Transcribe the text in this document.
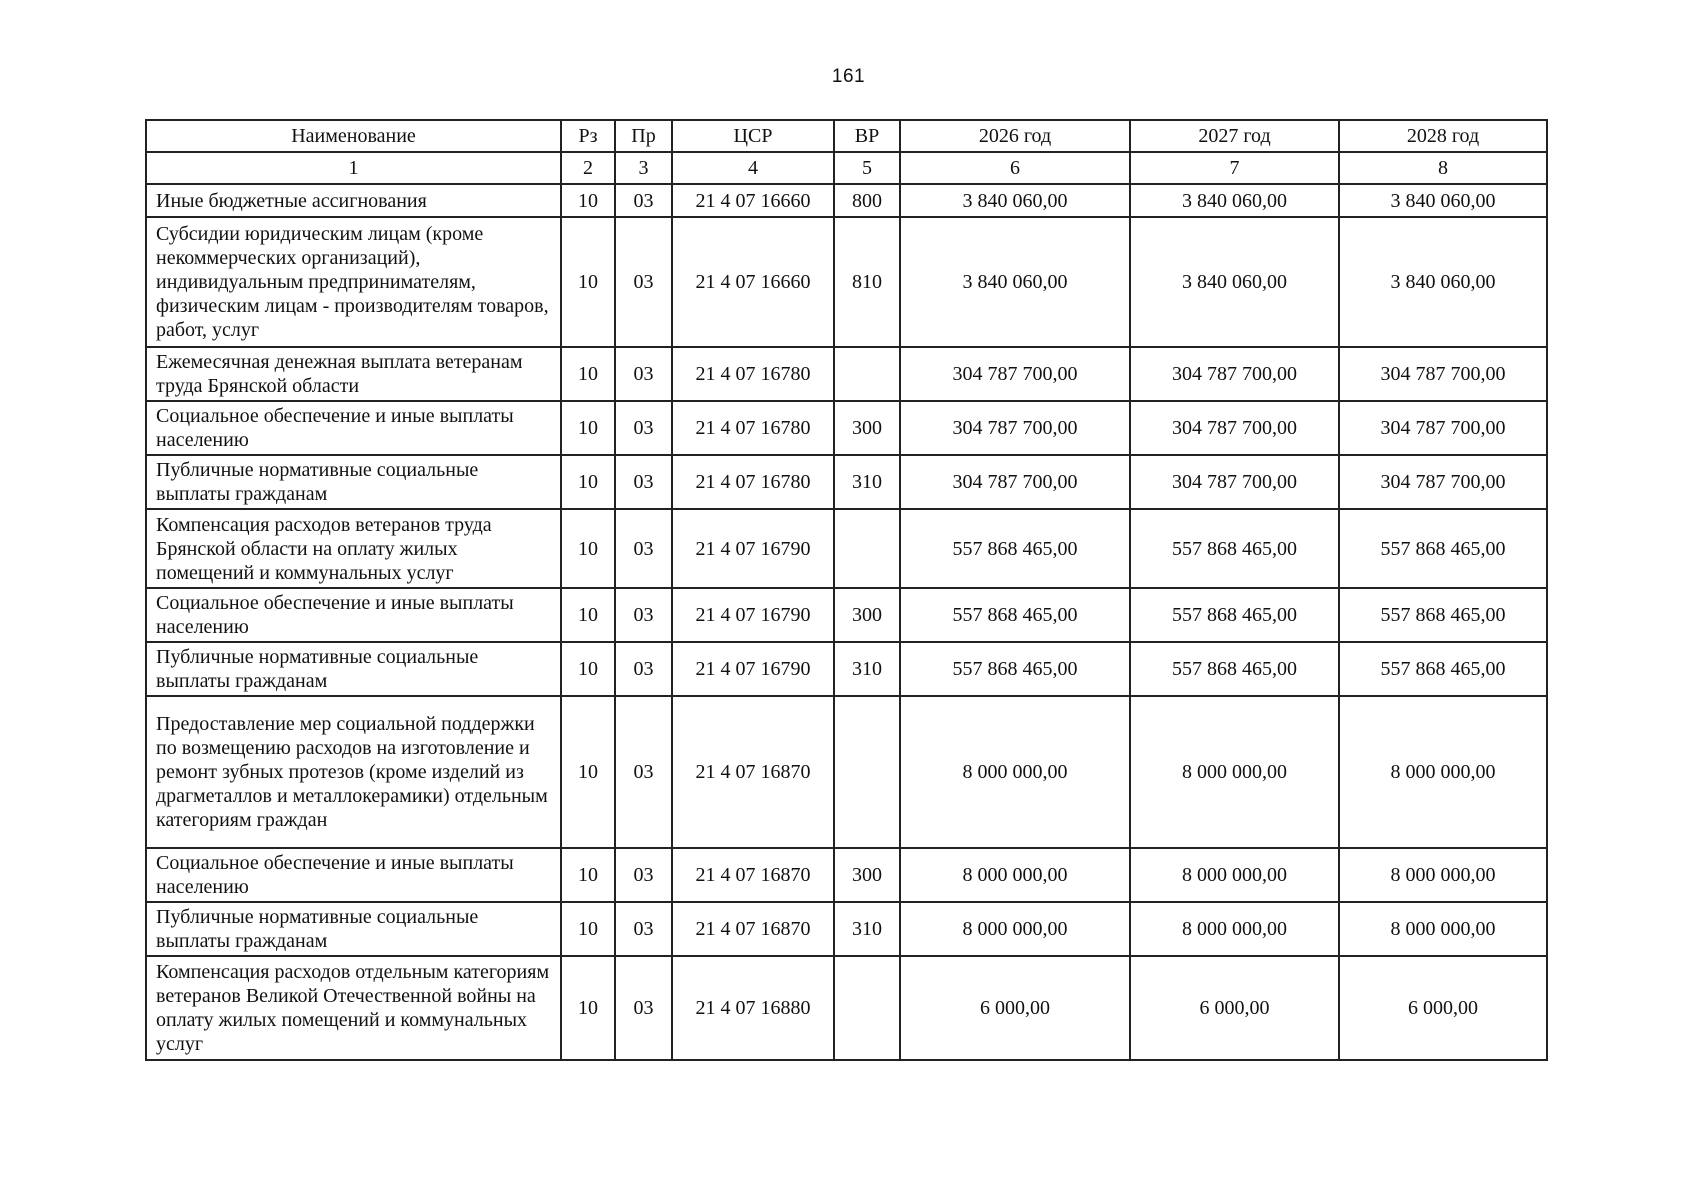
161
Наименование	Рз	Пр	ЦСР	ВР	2026 год	2027 год	2028 год
1	2	3	4	5	6	7	8
Иные бюджетные ассигнования	10	03	21 4 07 16660	800	3 840 060,00	3 840 060,00	3 840 060,00
Субсидии юридическим лицам (кроме некоммерческих организаций), индивидуальным предпринимателям, физическим лицам - производителям товаров, работ, услуг	10	03	21 4 07 16660	810	3 840 060,00	3 840 060,00	3 840 060,00
Ежемесячная денежная выплата ветеранам труда Брянской области	10	03	21 4 07 16780		304 787 700,00	304 787 700,00	304 787 700,00
Социальное обеспечение и иные выплаты населению	10	03	21 4 07 16780	300	304 787 700,00	304 787 700,00	304 787 700,00
Публичные нормативные социальные выплаты гражданам	10	03	21 4 07 16780	310	304 787 700,00	304 787 700,00	304 787 700,00
Компенсация расходов ветеранов труда Брянской области на оплату жилых помещений и коммунальных услуг	10	03	21 4 07 16790		557 868 465,00	557 868 465,00	557 868 465,00
Социальное обеспечение и иные выплаты населению	10	03	21 4 07 16790	300	557 868 465,00	557 868 465,00	557 868 465,00
Публичные нормативные социальные выплаты гражданам	10	03	21 4 07 16790	310	557 868 465,00	557 868 465,00	557 868 465,00
Предоставление мер социальной поддержки по возмещению расходов на изготовление и ремонт зубных протезов (кроме изделий из драгметаллов и металлокерамики) отдельным категориям граждан	10	03	21 4 07 16870		8 000 000,00	8 000 000,00	8 000 000,00
Социальное обеспечение и иные выплаты населению	10	03	21 4 07 16870	300	8 000 000,00	8 000 000,00	8 000 000,00
Публичные нормативные социальные выплаты гражданам	10	03	21 4 07 16870	310	8 000 000,00	8 000 000,00	8 000 000,00
Компенсация расходов отдельным категориям ветеранов Великой Отечественной войны на оплату жилых помещений и коммунальных услуг	10	03	21 4 07 16880		6 000,00	6 000,00	6 000,00
